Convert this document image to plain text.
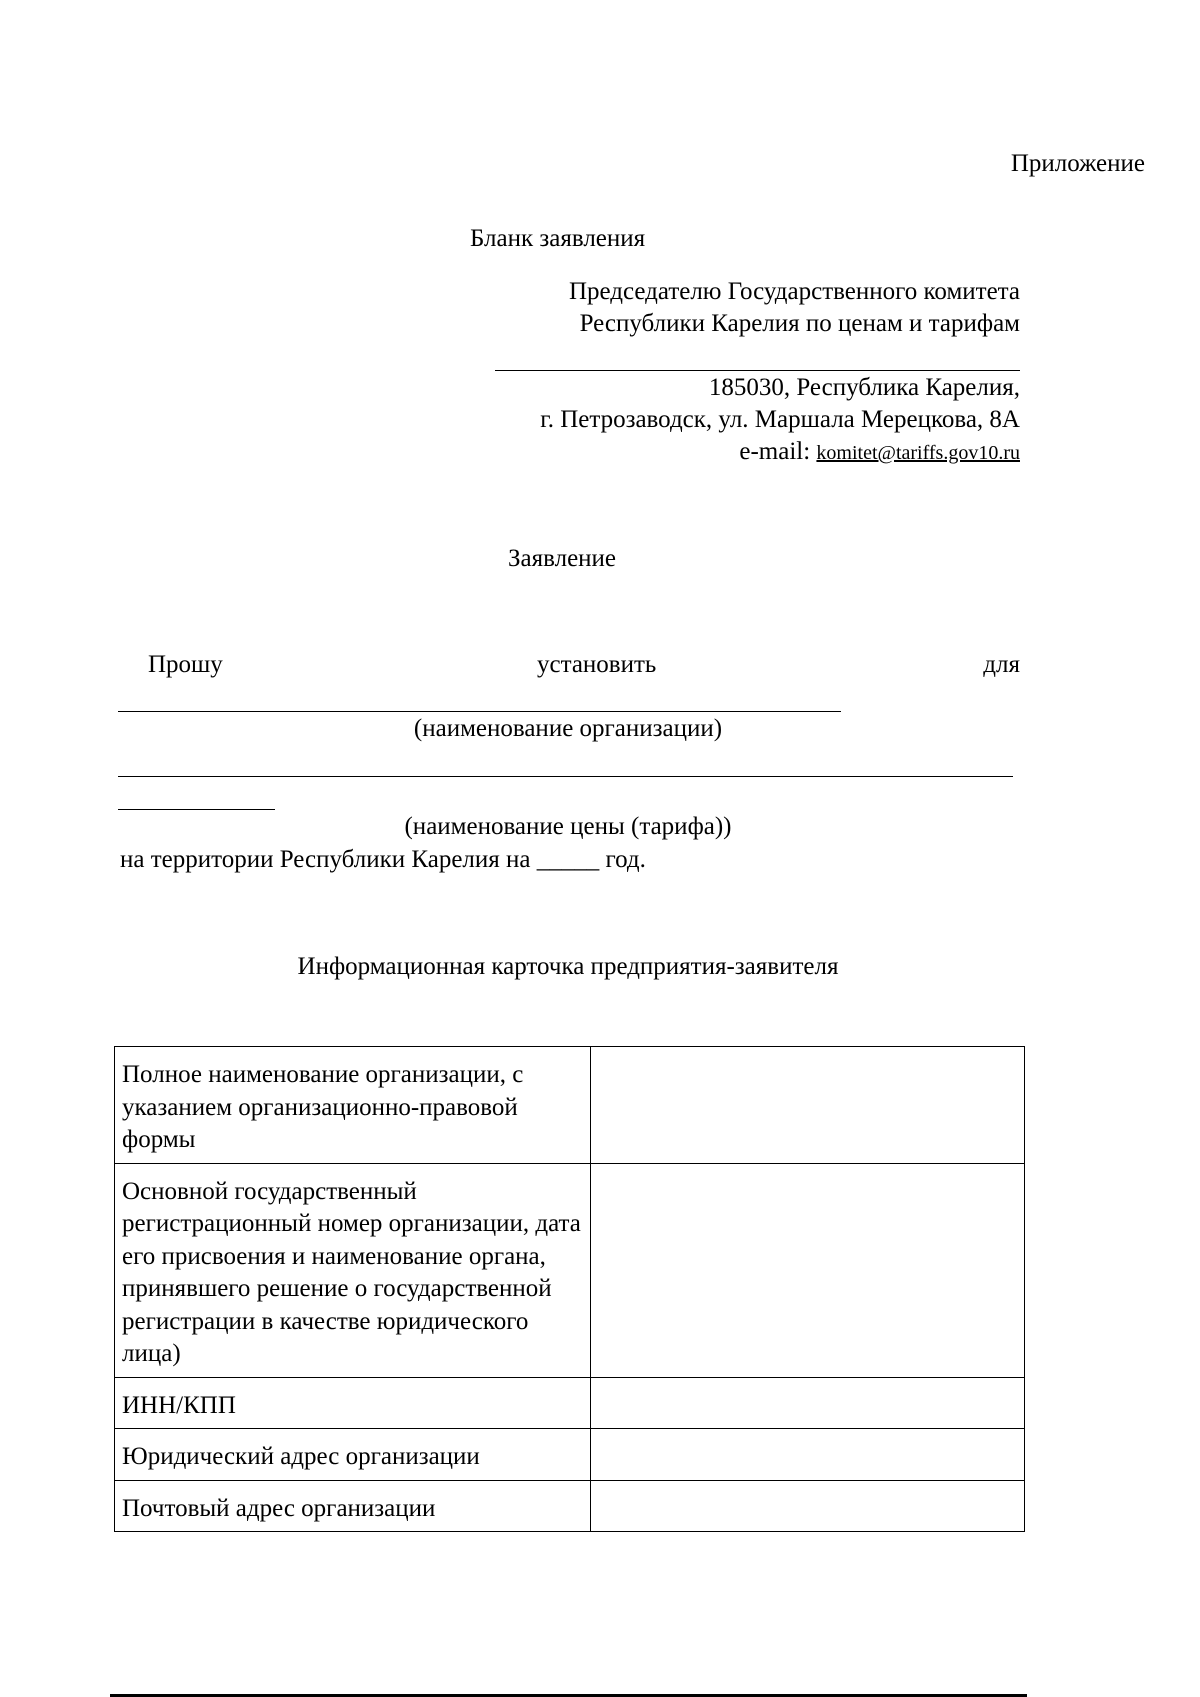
Приложение
Бланк заявления
Председателю Государственного комитета
Республики Карелия по ценам и тарифам
185030, Республика Карелия,
г. Петрозаводск, ул. Маршала Мерецкова, 8А
e-mail: komitet@tariffs.gov10.ru
Заявление
Прошу	установить	для
(наименование организации)
(наименование цены (тарифа))
на территории Республики Карелия на _____ год.
Информационная карточка предприятия-заявителя
Полное наименование организации, с указанием организационно-правовой формы	
Основной государственный регистрационный номер организации, дата его присвоения и наименование органа, принявшего решение о государственной регистрации в качестве юридического лица)	
ИНН/КПП	
Юридический адрес организации	
Почтовый адрес организации	
